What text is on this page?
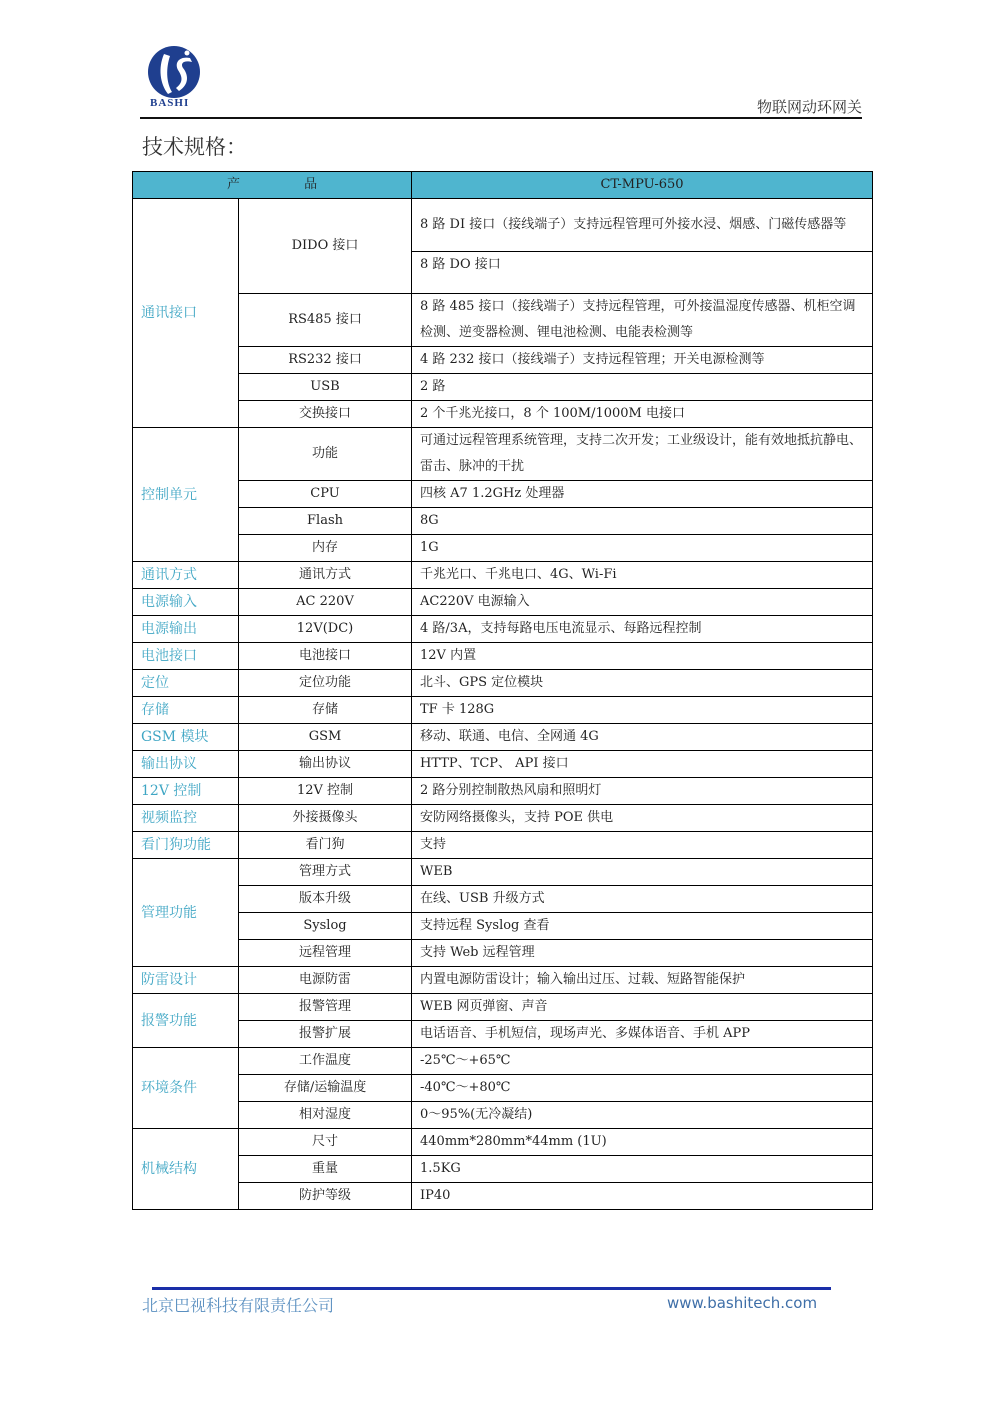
BASHI	物联网动环网关
技术规格：
产 品		CT-MPU-650
通讯接口	DIDO 接口	8 路 DI 接口（接线端子）支持远程管理可外接水浸、烟感、门磁传感器等
		8 路 DO 接口
	RS485 接口	8 路 485 接口（接线端子）支持远程管理，可外接温湿度传感器、机柜空调检测、逆变器检测、锂电池检测、电能表检测等
	RS232 接口	4 路 232 接口（接线端子）支持远程管理；开关电源检测等
	USB	2 路
	交换接口	2 个千兆光接口，8 个 100M/1000M 电接口
控制单元	功能	可通过远程管理系统管理，支持二次开发；工业级设计，能有效地抵抗静电、雷击、脉冲的干扰
	CPU	四核 A7 1.2GHz 处理器
	Flash	8G
	内存	1G
通讯方式	通讯方式	千兆光口、千兆电口、4G、Wi-Fi
电源输入	AC 220V	AC220V 电源输入
电源输出	12V(DC)	4 路/3A，支持每路电压电流显示、每路远程控制
电池接口	电池接口	12V 内置
定位	定位功能	北斗、GPS 定位模块
存储	存储	TF 卡 128G
GSM 模块	GSM	移动、联通、电信、全网通 4G
输出协议	输出协议	HTTP、TCP、 API 接口
12V 控制	12V 控制	2 路分别控制散热风扇和照明灯
视频监控	外接摄像头	安防网络摄像头，支持 POE 供电
看门狗功能	看门狗	支持
管理功能	管理方式	WEB
	版本升级	在线、USB 升级方式
	Syslog	支持远程 Syslog 查看
	远程管理	支持 Web 远程管理
防雷设计	电源防雷	内置电源防雷设计；输入输出过压、过载、短路智能保护
报警功能	报警管理	WEB 网页弹窗、声音
	报警扩展	电话语音、手机短信，现场声光、多媒体语音、手机 APP
环境条件	工作温度	-25℃～+65℃
	存储/运输温度	-40℃～+80℃
	相对湿度	0～95%(无冷凝结)
机械结构	尺寸	440mm*280mm*44mm (1U)
	重量	1.5KG
	防护等级	IP40
北京巴视科技有限责任公司	www.bashitech.com
